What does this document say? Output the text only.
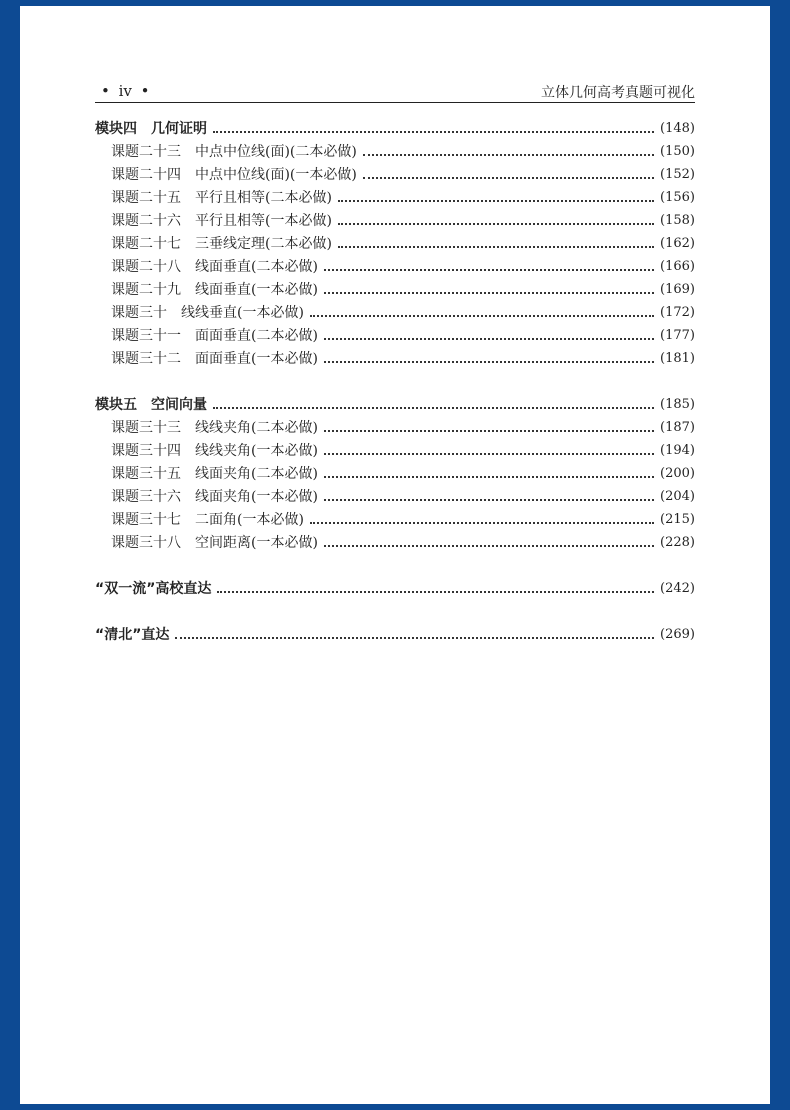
• ⅳ •	立体几何高考真题可视化
模块四　几何证明	(148)
课题二十三　中点中位线(面)(二本必做)	(150)
课题二十四　中点中位线(面)(一本必做)	(152)
课题二十五　平行且相等(二本必做)	(156)
课题二十六　平行且相等(一本必做)	(158)
课题二十七　三垂线定理(二本必做)	(162)
课题二十八　线面垂直(二本必做)	(166)
课题二十九　线面垂直(一本必做)	(169)
课题三十　线线垂直(一本必做)	(172)
课题三十一　面面垂直(二本必做)	(177)
课题三十二　面面垂直(一本必做)	(181)
模块五　空间向量	(185)
课题三十三　线线夹角(二本必做)	(187)
课题三十四　线线夹角(一本必做)	(194)
课题三十五　线面夹角(二本必做)	(200)
课题三十六　线面夹角(一本必做)	(204)
课题三十七　二面角(一本必做)	(215)
课题三十八　空间距离(一本必做)	(228)
“双一流”高校直达	(242)
“清北”直达	(269)
